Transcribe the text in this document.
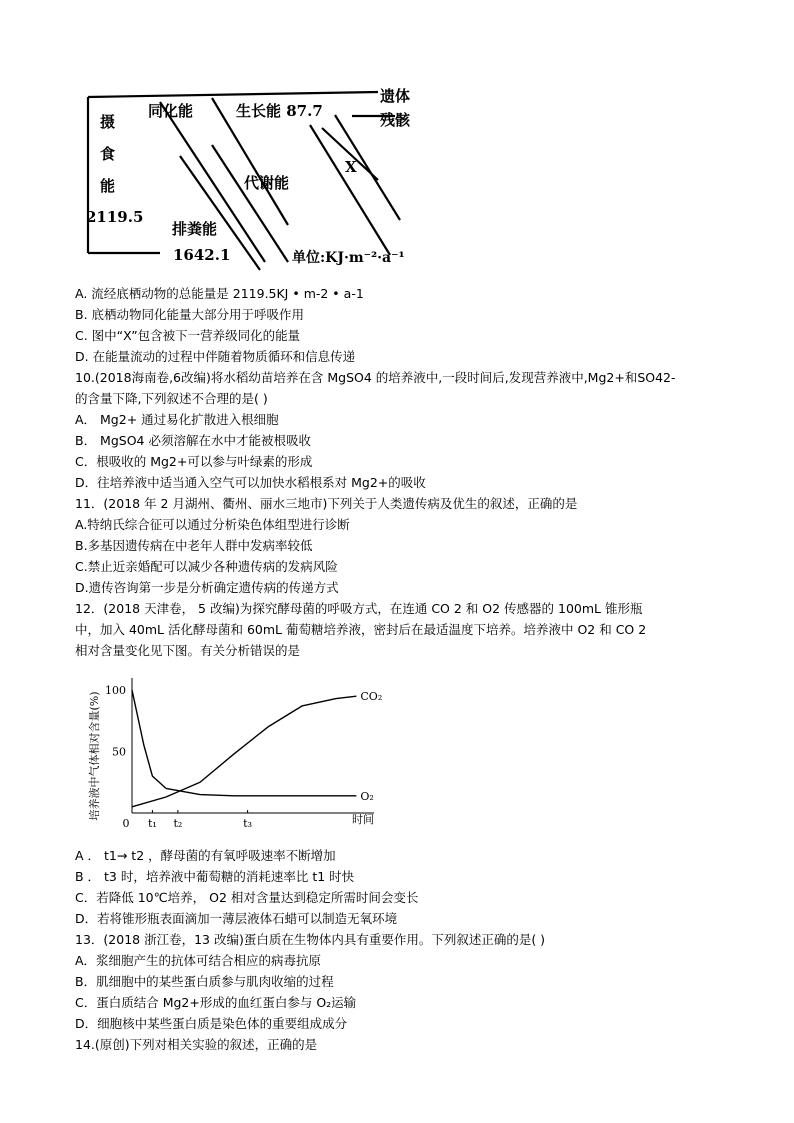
摄
食
能
2119.5
同化能	生长能 87.7
遗体
残骸
X
代谢能
排粪能
1642.1	单位:KJ·m⁻²·a⁻¹
A. 流经底栖动物的总能量是 2119.5KJ • m-2 • a-1
B. 底栖动物同化能量大部分用于呼吸作用
C. 图中“X”包含被下一营养级同化的能量
D. 在能量流动的过程中伴随着物质循环和信息传递
10.(2018海南卷,6改编)将水稻幼苗培养在含 MgSO4 的培养液中,一段时间后,发现营养液中,Mg2+和SO42-
的含量下降,下列叙述不合理的是( )
A． Mg2+ 通过易化扩散进入根细胞
B． MgSO4 必须溶解在水中才能被根吸收
C．根吸收的 Mg2+可以参与叶绿素的形成
D．往培养液中适当通入空气可以加快水稻根系对 Mg2+的吸收
11．(2018 年 2 月湖州、衢州、丽水三地市)下列关于人类遗传病及优生的叙述，正确的是
A.特纳氏综合征可以通过分析染色体组型进行诊断
B.多基因遗传病在中老年人群中发病率较低
C.禁止近亲婚配可以减少各种遗传病的发病风险
D.遗传咨询第一步是分析确定遗传病的传递方式
12．(2018 天津卷， 5 改编)为探究酵母菌的呼吸方式，在连通 CO 2 和 O2 传感器的 100mL 锥形瓶
中，加入 40mL 活化酵母菌和 60mL 葡萄糖培养液，密封后在最适温度下培养。培养液中 O2 和 CO 2
相对含量变化见下图。有关分析错误的是
培养液中气体相对含量(%)	时间
100
50
0 t₁ t₂	t₃
CO₂
O₂
A ． t1→ t2 ，酵母菌的有氧呼吸速率不断增加
B ． t3 时，培养液中葡萄糖的消耗速率比 t1 时快
C．若降低 10℃培养， O2 相对含量达到稳定所需时间会变长
D．若将锥形瓶表面滴加一薄层液体石蜡可以制造无氧环境
13．(2018 浙江卷，13 改编)蛋白质在生物体内具有重要作用。下列叙述正确的是( )
A．浆细胞产生的抗体可结合相应的病毒抗原
B．肌细胞中的某些蛋白质参与肌肉收缩的过程
C．蛋白质结合 Mg2+形成的血红蛋白参与 O₂运输
D．细胞核中某些蛋白质是染色体的重要组成成分
14.(原创)下列对相关实验的叙述，正确的是
